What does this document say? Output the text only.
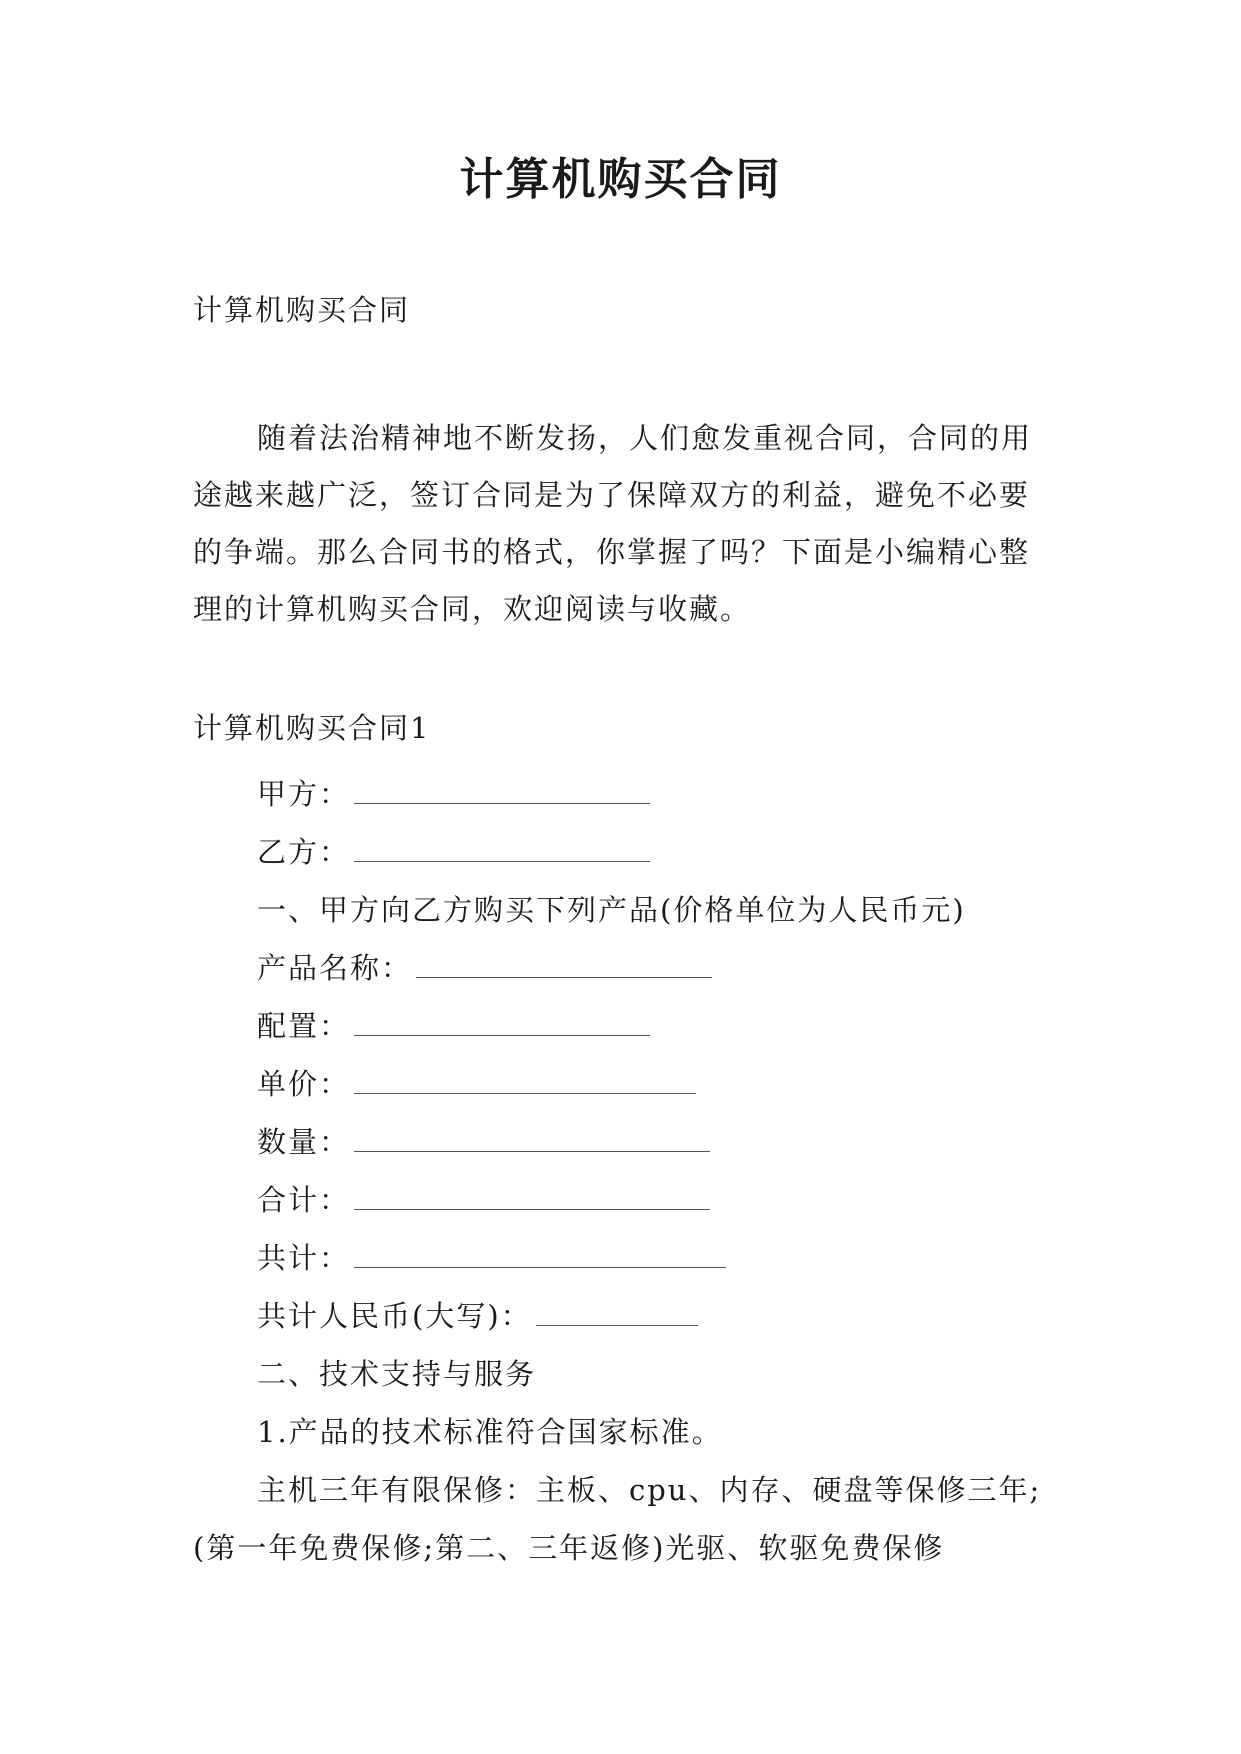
计算机购买合同
计算机购买合同
随着法治精神地不断发扬，人们愈发重视合同，合同的用途越来越广泛，签订合同是为了保障双方的利益，避免不必要的争端。那么合同书的格式，你掌握了吗？下面是小编精心整理的计算机购买合同，欢迎阅读与收藏。
计算机购买合同1

甲方：

乙方：

一、甲方向乙方购买下列产品(价格单位为人民币元)

产品名称：

配置：

单价：

数量：

合计：

共计：

共计人民币(大写)：

二、技术支持与服务

1.产品的技术标准符合国家标准。

主机三年有限保修：主板、cpu、内存、硬盘等保修三年;(第一年免费保修;第二、三年返修)光驱、软驱免费保修
